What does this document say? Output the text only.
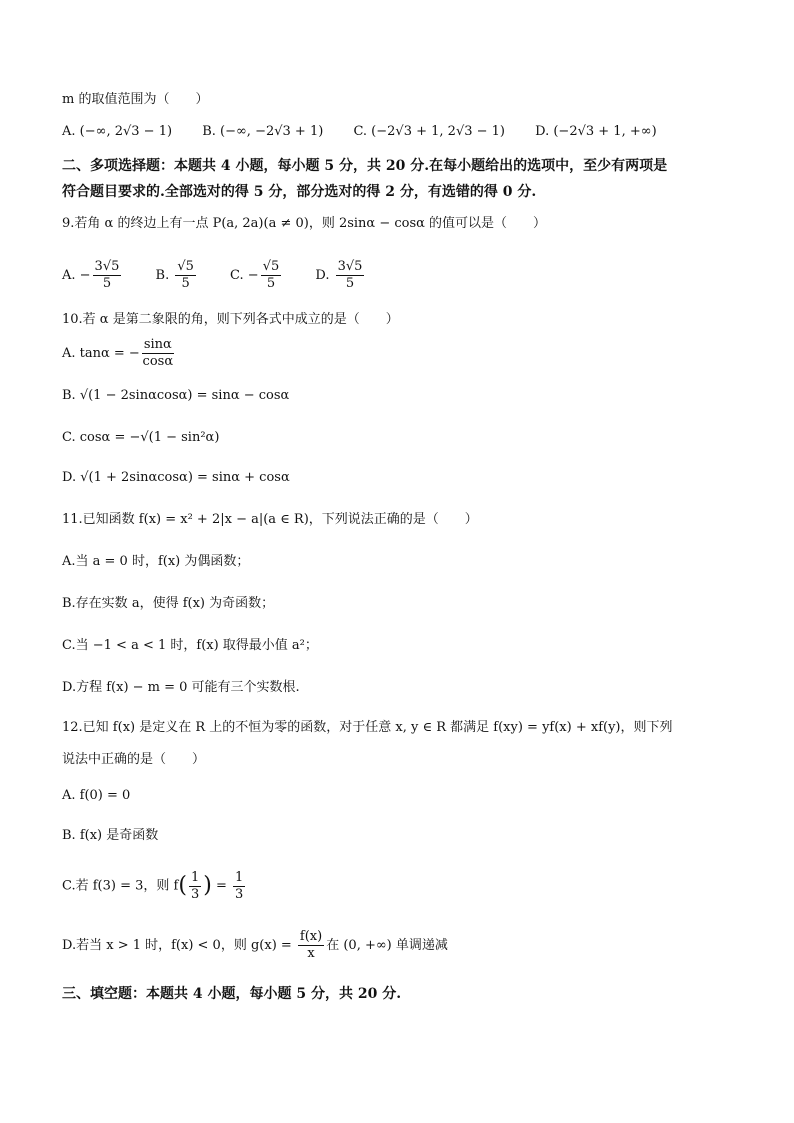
m 的取值范围为（　　）
A. (−∞, 2√3 − 1) B. (−∞, −2√3 + 1) C. (−2√3 + 1, 2√3 − 1) D. (−2√3 + 1, +∞)
二、多项选择题：本题共 4 小题，每小题 5 分，共 20 分.在每小题给出的选项中，至少有两项是
符合题目要求的.全部选对的得 5 分，部分选对的得 2 分，有选错的得 0 分.
9.若角 α 的终边上有一点 P(a, 2a)(a ≠ 0)，则 2sinα − cosα 的值可以是（　　）
A. − $\frac{3√5}{5}$	B. $\frac{√5}{5}$	C. − $\frac{√5}{5}$	D. $\frac{3√5}{5}$
10.若 α 是第二象限的角，则下列各式中成立的是（　　）
A. tanα = − $\frac{\sin\alpha}{\cos\alpha}$
B. √(1 − 2sinαcosα) = sinα − cosα
C. cosα = −√(1 − sin²α)
D. √(1 + 2sinαcosα) = sinα + cosα
11.已知函数 f(x) = x² + 2|x − a|(a ∈ R)，下列说法正确的是（　　）
A.当 a = 0 时，f(x) 为偶函数；
B.存在实数 a，使得 f(x) 为奇函数；
C.当 −1 < a < 1 时，f(x) 取得最小值 a²；
D.方程 f(x) − m = 0 可能有三个实数根.
12.已知 f(x) 是定义在 R 上的不恒为零的函数，对于任意 x, y ∈ R 都满足 f(xy) = yf(x) + xf(y)，则下列
说法中正确的是（　　）
A. f(0) = 0
B. f(x) 是奇函数
C.若 f(3) = 3，则 $f( \frac{1}{3}$ ) = $\frac{1}{3}$
D.若当 x > 1 时，f(x) < 0，则 $g(x) = \frac{f(x)}{x}$ 在 (0, +∞) 单调递减
三、填空题：本题共 4 小题，每小题 5 分，共 20 分.
